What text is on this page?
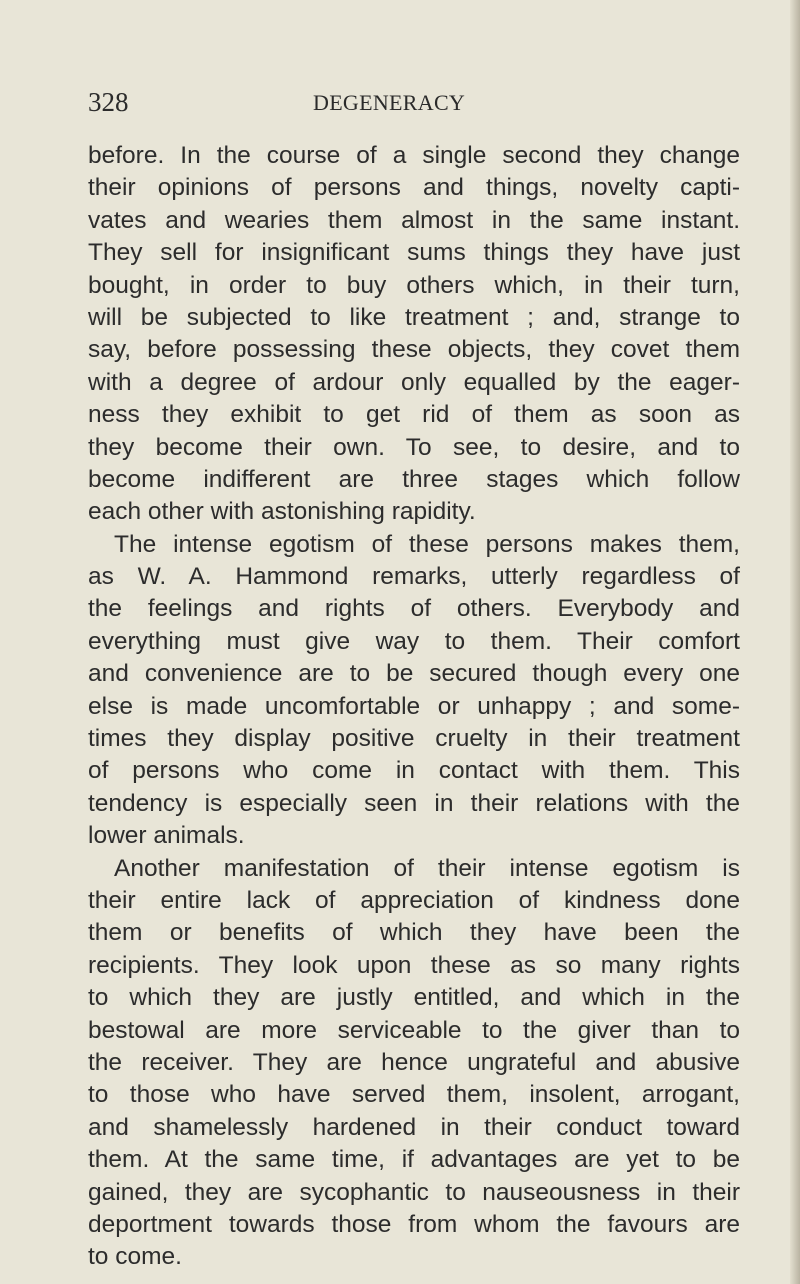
328	DEGENERACY
before. In the course of a single second they change
their opinions of persons and things, novelty capti-
vates and wearies them almost in the same instant.
They sell for insignificant sums things they have just
bought, in order to buy others which, in their turn,
will be subjected to like treatment ; and, strange to
say, before possessing these objects, they covet them
with a degree of ardour only equalled by the eager-
ness they exhibit to get rid of them as soon as
they become their own. To see, to desire, and to
become indifferent are three stages which follow
each other with astonishing rapidity.
The intense egotism of these persons makes them,
as W. A. Hammond remarks, utterly regardless of
the feelings and rights of others. Everybody and
everything must give way to them. Their comfort
and convenience are to be secured though every one
else is made uncomfortable or unhappy ; and some-
times they display positive cruelty in their treatment
of persons who come in contact with them. This
tendency is especially seen in their relations with the
lower animals.
Another manifestation of their intense egotism is
their entire lack of appreciation of kindness done
them or benefits of which they have been the
recipients. They look upon these as so many rights
to which they are justly entitled, and which in the
bestowal are more serviceable to the giver than to
the receiver. They are hence ungrateful and abusive
to those who have served them, insolent, arrogant,
and shamelessly hardened in their conduct toward
them. At the same time, if advantages are yet to be
gained, they are sycophantic to nauseousness in their
deportment towards those from whom the favours are
to come.
